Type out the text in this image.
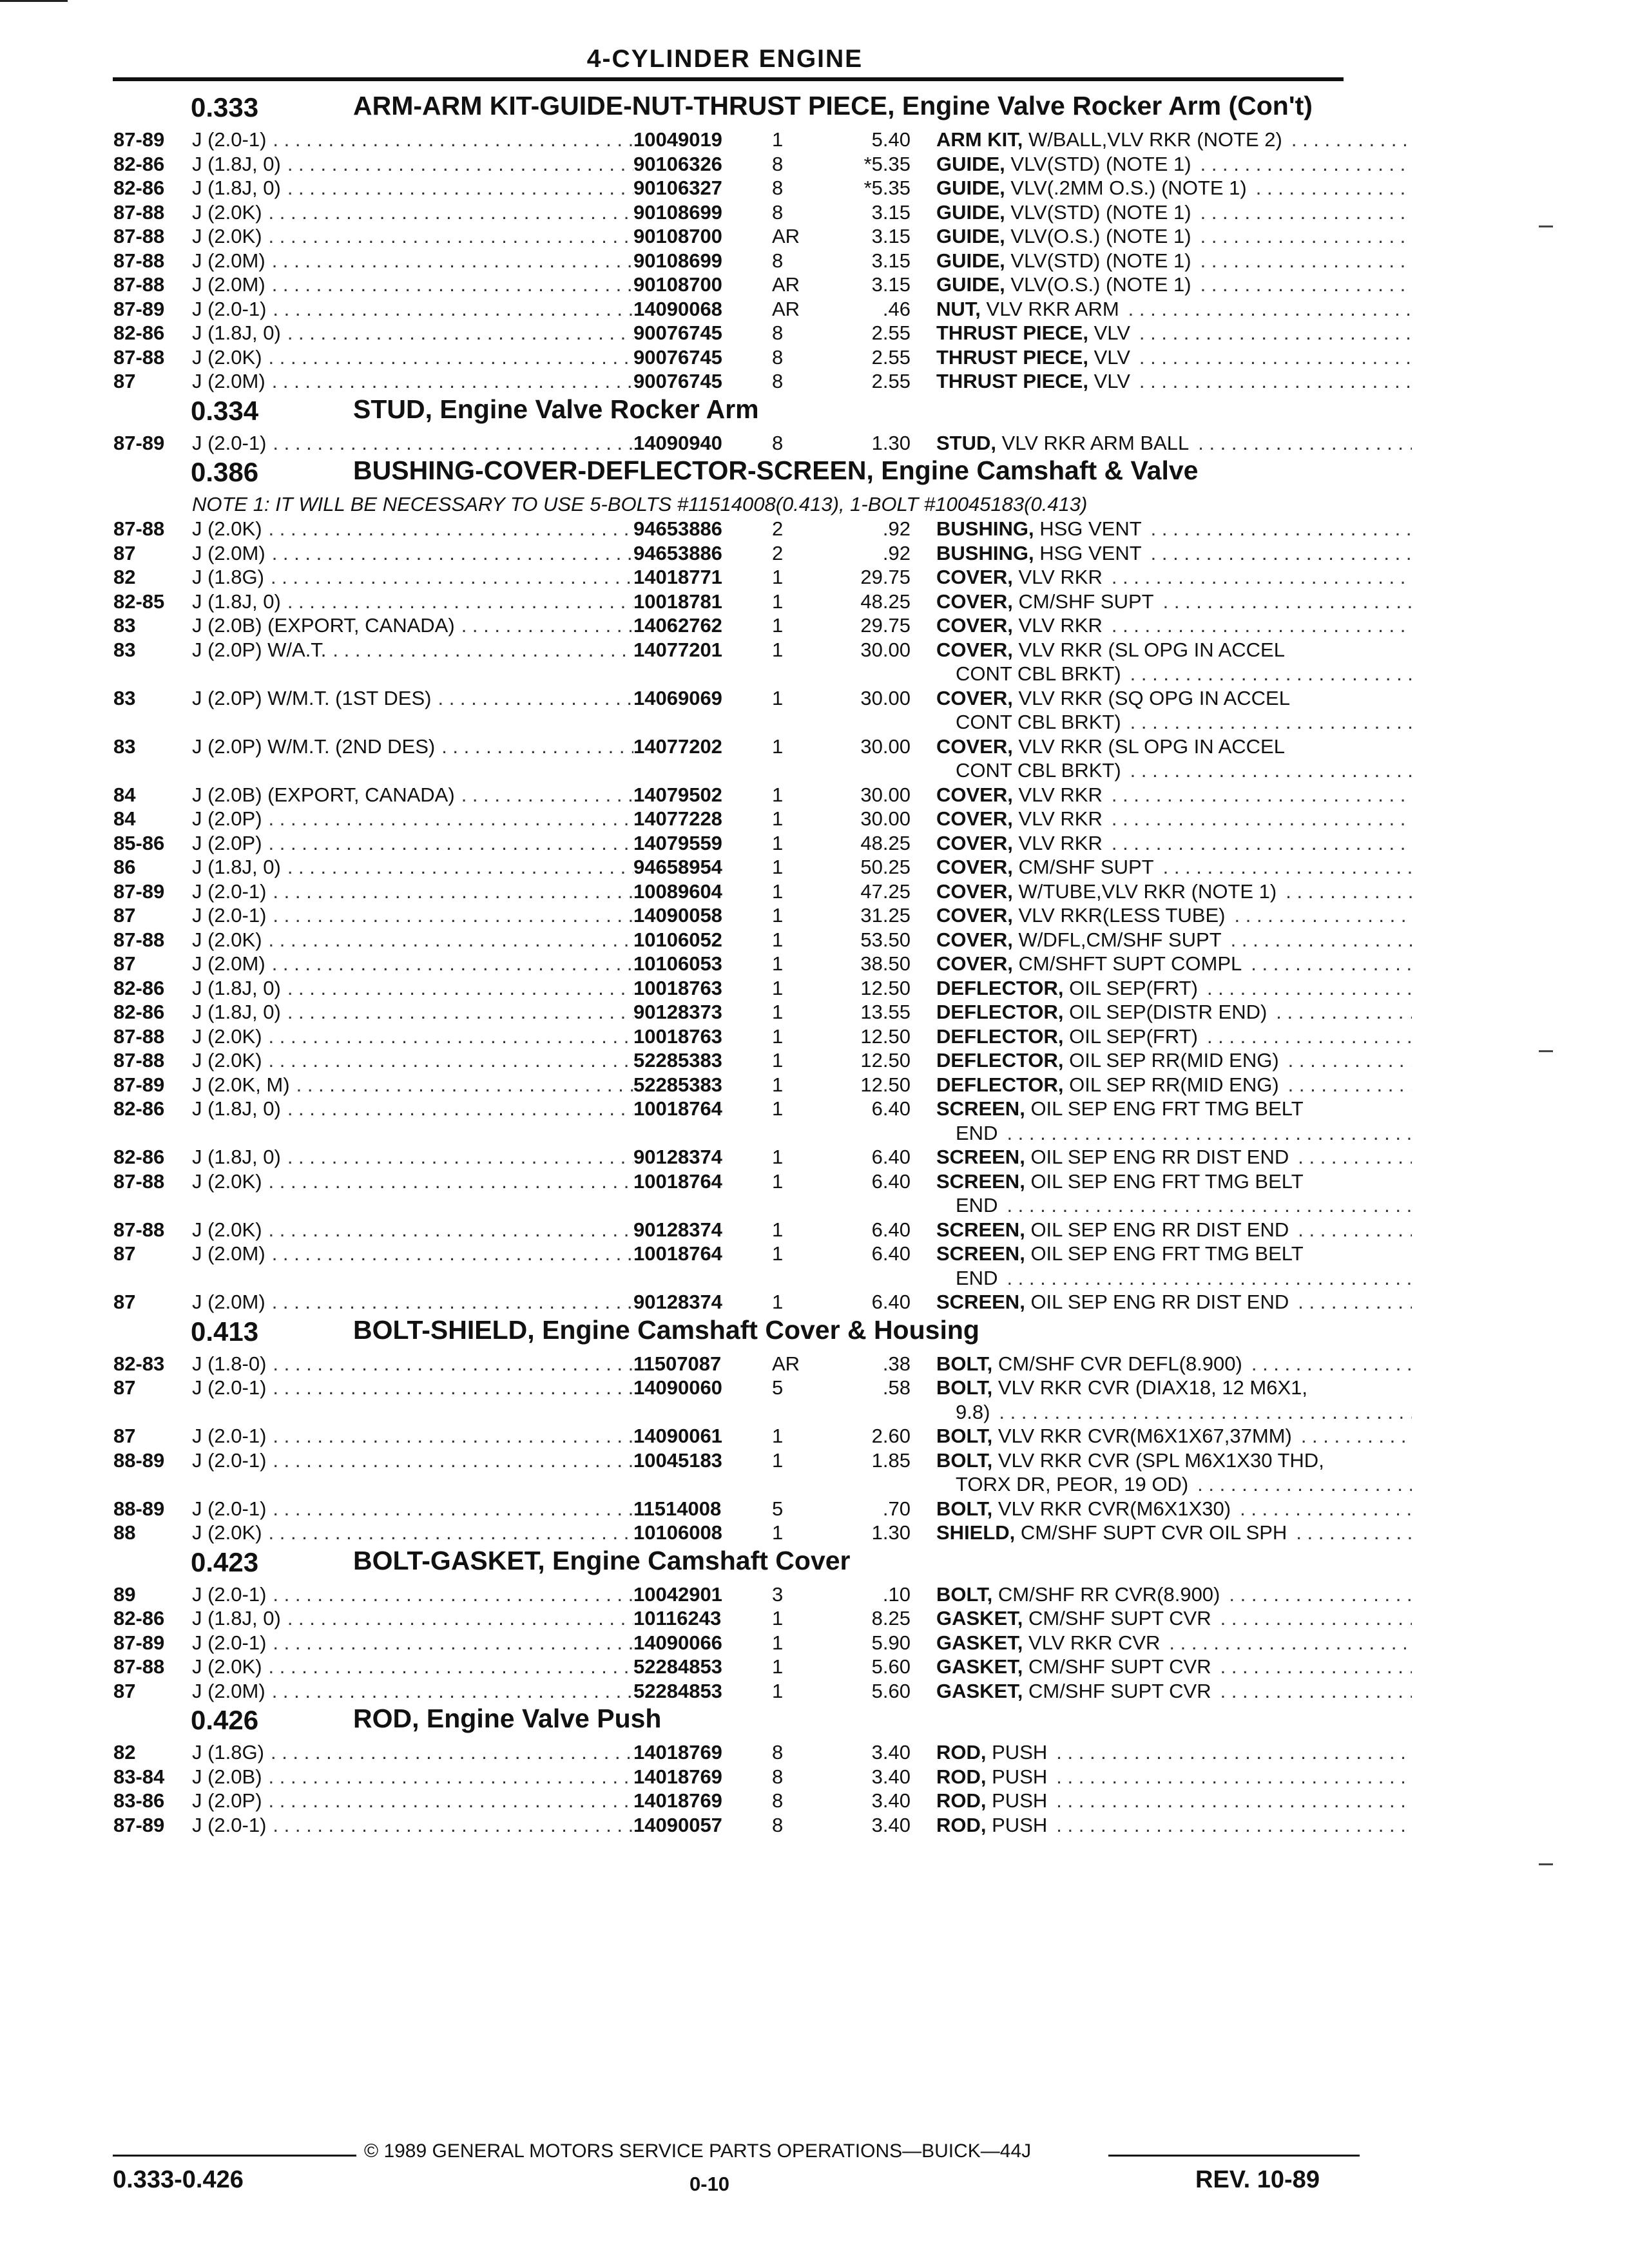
4-CYLINDER ENGINE
0.333	ARM-ARM KIT-GUIDE-NUT-THRUST PIECE, Engine Valve Rocker Arm (Con't)
87-89	J (2.0-1) . . .	10049019	1	5.40	ARM KIT, W/BALL,VLV RKR (NOTE 2)
. . .
82-86	J (1.8J, 0) . . .	90106326	8	*5.35	GUIDE, VLV(STD) (NOTE 1)
. . .
82-86	J (1.8J, 0) . . .	90106327	8	*5.35	GUIDE, VLV(.2MM O.S.) (NOTE 1)
. . .
87-88	J (2.0K) . . .	90108699	8	3.15	GUIDE, VLV(STD) (NOTE 1)
. . .
87-88	J (2.0K) . . .	90108700	AR	3.15	GUIDE, VLV(O.S.) (NOTE 1)
. . .
87-88	J (2.0M) . . .	90108699	8	3.15	GUIDE, VLV(STD) (NOTE 1)
. . .
87-88	J (2.0M) . . .	90108700	AR	3.15	GUIDE, VLV(O.S.) (NOTE 1)
. . .
87-89	J (2.0-1) . . .	14090068	AR	.46	NUT, VLV RKR ARM
. . .
82-86	J (1.8J, 0) . . .	90076745	8	2.55	THRUST PIECE, VLV
. . .
87-88	J (2.0K) . . .	90076745	8	2.55	THRUST PIECE, VLV
. . .
87	J (2.0M) . . .	90076745	8	2.55	THRUST PIECE, VLV
. . .
0.334	STUD, Engine Valve Rocker Arm
87-89	J (2.0-1) . . .	14090940	8	1.30	STUD, VLV RKR ARM BALL
. . .
0.386	BUSHING-COVER-DEFLECTOR-SCREEN, Engine Camshaft & Valve
NOTE 1: IT WILL BE NECESSARY TO USE 5-BOLTS #11514008(0.413), 1-BOLT #10045183(0.413)
87-88	J (2.0K) . . .	94653886	2	.92	BUSHING, HSG VENT
. . .
87	J (2.0M) . . .	94653886	2	.92	BUSHING, HSG VENT
. . .
82	J (1.8G) . . .	14018771	1	29.75	COVER, VLV RKR
. . .
82-85	J (1.8J, 0) . . .	10018781	1	48.25	COVER, CM/SHF SUPT
. . .
83	J (2.0B) (EXPORT, CANADA) . . .	14062762	1	29.75	COVER, VLV RKR
. . .
83	J (2.0P) W/A.T. . . .	14077201	1	30.00	COVER, VLV RKR (SL OPG IN ACCEL
CONT CBL BRKT)
. . .
83	J (2.0P) W/M.T. (1ST DES) . . .	14069069	1	30.00	COVER, VLV RKR (SQ OPG IN ACCEL
CONT CBL BRKT)
. . .
83	J (2.0P) W/M.T. (2ND DES) . . .	14077202	1	30.00	COVER, VLV RKR (SL OPG IN ACCEL
CONT CBL BRKT)
. . .
84	J (2.0B) (EXPORT, CANADA) . . .	14079502	1	30.00	COVER, VLV RKR
. . .
84	J (2.0P) . . .	14077228	1	30.00	COVER, VLV RKR
. . .
85-86	J (2.0P) . . .	14079559	1	48.25	COVER, VLV RKR
. . .
86	J (1.8J, 0) . . .	94658954	1	50.25	COVER, CM/SHF SUPT
. . .
87-89	J (2.0-1) . . .	10089604	1	47.25	COVER, W/TUBE,VLV RKR (NOTE 1)
. . .
87	J (2.0-1) . . .	14090058	1	31.25	COVER, VLV RKR(LESS TUBE)
. . .
87-88	J (2.0K) . . .	10106052	1	53.50	COVER, W/DFL,CM/SHF SUPT
. . .
87	J (2.0M) . . .	10106053	1	38.50	COVER, CM/SHFT SUPT COMPL
. . .
82-86	J (1.8J, 0) . . .	10018763	1	12.50	DEFLECTOR, OIL SEP(FRT)
. . .
82-86	J (1.8J, 0) . . .	90128373	1	13.55	DEFLECTOR, OIL SEP(DISTR END)
. . .
87-88	J (2.0K) . . .	10018763	1	12.50	DEFLECTOR, OIL SEP(FRT)
. . .
87-88	J (2.0K) . . .	52285383	1	12.50	DEFLECTOR, OIL SEP RR(MID ENG)
. . .
87-89	J (2.0K, M) . . .	52285383	1	12.50	DEFLECTOR, OIL SEP RR(MID ENG)
. . .
82-86	J (1.8J, 0) . . .	10018764	1	6.40	SCREEN, OIL SEP ENG FRT TMG BELT
END
. . .
82-86	J (1.8J, 0) . . .	90128374	1	6.40	SCREEN, OIL SEP ENG RR DIST END
. . .
87-88	J (2.0K) . . .	10018764	1	6.40	SCREEN, OIL SEP ENG FRT TMG BELT
END
. . .
87-88	J (2.0K) . . .	90128374	1	6.40	SCREEN, OIL SEP ENG RR DIST END
. . .
87	J (2.0M) . . .	10018764	1	6.40	SCREEN, OIL SEP ENG FRT TMG BELT
END
. . .
87	J (2.0M) . . .	90128374	1	6.40	SCREEN, OIL SEP ENG RR DIST END
. . .
0.413	BOLT-SHIELD, Engine Camshaft Cover & Housing
82-83	J (1.8-0) . . .	11507087	AR	.38	BOLT, CM/SHF CVR DEFL(8.900)
. . .
87	J (2.0-1) . . .	14090060	5	.58	BOLT, VLV RKR CVR (DIAX18, 12 M6X1,
9.8)
. . .
87	J (2.0-1) . . .	14090061	1	2.60	BOLT, VLV RKR CVR(M6X1X67,37MM)
. . .
88-89	J (2.0-1) . . .	10045183	1	1.85	BOLT, VLV RKR CVR (SPL M6X1X30 THD,
TORX DR, PEOR, 19 OD)
. . .
88-89	J (2.0-1) . . .	11514008	5	.70	BOLT, VLV RKR CVR(M6X1X30)
. . .
88	J (2.0K) . . .	10106008	1	1.30	SHIELD, CM/SHF SUPT CVR OIL SPH
. . .
0.423	BOLT-GASKET, Engine Camshaft Cover
89	J (2.0-1) . . .	10042901	3	.10	BOLT, CM/SHF RR CVR(8.900)
. . .
82-86	J (1.8J, 0) . . .	10116243	1	8.25	GASKET, CM/SHF SUPT CVR
. . .
87-89	J (2.0-1) . . .	14090066	1	5.90	GASKET, VLV RKR CVR
. . .
87-88	J (2.0K) . . .	52284853	1	5.60	GASKET, CM/SHF SUPT CVR
. . .
87	J (2.0M) . . .	52284853	1	5.60	GASKET, CM/SHF SUPT CVR
. . .
0.426	ROD, Engine Valve Push
82	J (1.8G) . . .	14018769	8	3.40	ROD, PUSH
. . .
83-84	J (2.0B) . . .	14018769	8	3.40	ROD, PUSH
. . .
83-86	J (2.0P) . . .	14018769	8	3.40	ROD, PUSH
. . .
87-89	J (2.0-1) . . .	14090057	8	3.40	ROD, PUSH
. . .
© 1989 GENERAL MOTORS SERVICE PARTS OPERATIONS—BUICK—44J
0.333-0.426	0-10	REV. 10-89
